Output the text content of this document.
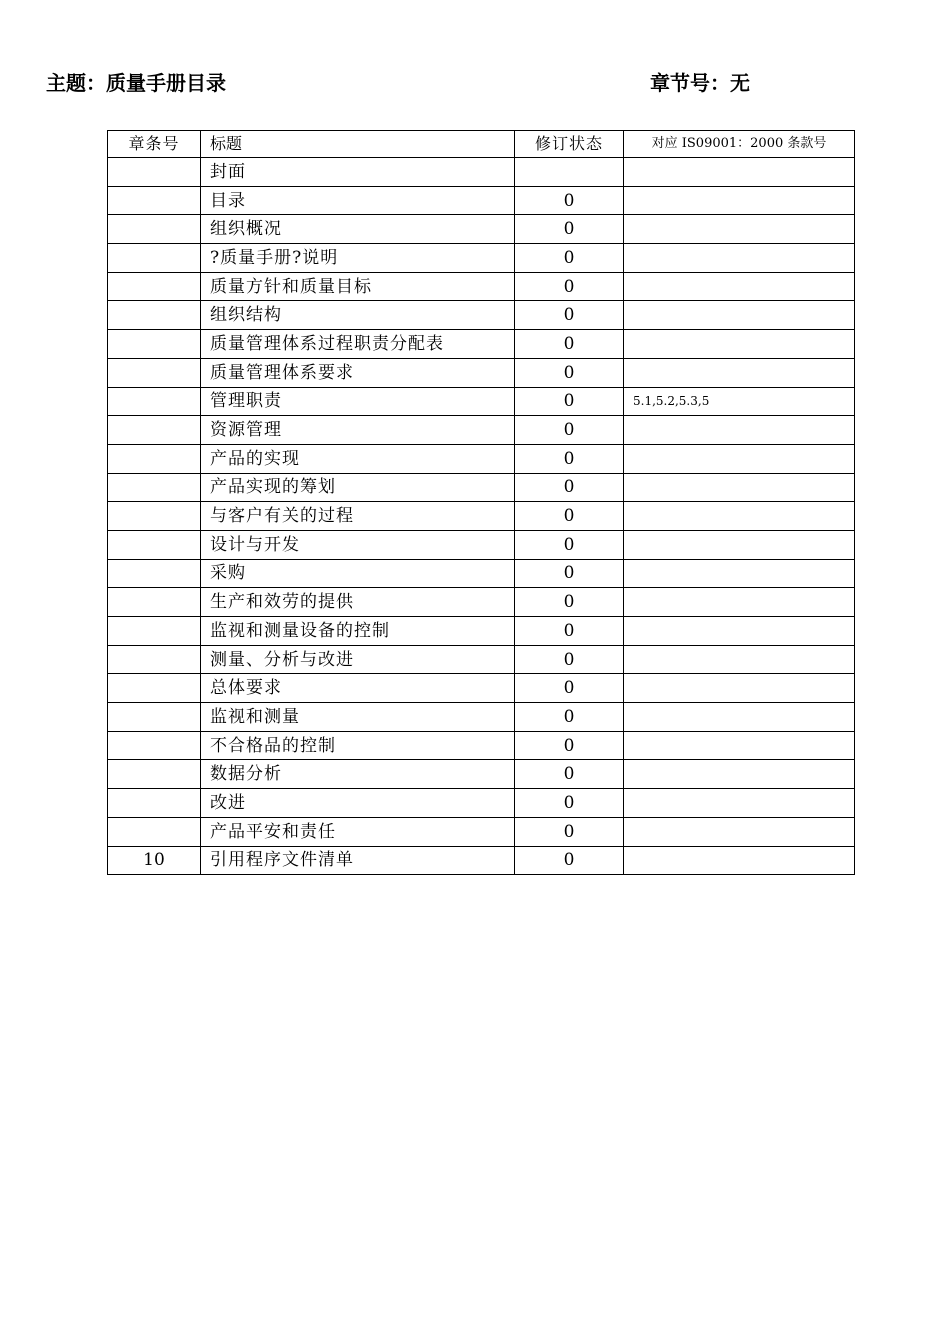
主题：质量手册目录	章节号：无
章条号	标题	修订状态	对应 IS09001：2000 条款号
	封面		
	目录	0	
	组织概况	0	
	?质量手册?说明	0	
	质量方针和质量目标	0	
	组织结构	0	
	质量管理体系过程职责分配表	0	
	质量管理体系要求	0	
	管理职责	0	5.1,5.2,5.3,5
	资源管理	0	
	产品的实现	0	
	产品实现的筹划	0	
	与客户有关的过程	0	
	设计与开发	0	
	采购	0	
	生产和效劳的提供	0	
	监视和测量设备的控制	0	
	测量、分析与改进	0	
	总体要求	0	
	监视和测量	0	
	不合格品的控制	0	
	数据分析	0	
	改进	0	
	产品平安和责任	0	
10	引用程序文件清单	0	
